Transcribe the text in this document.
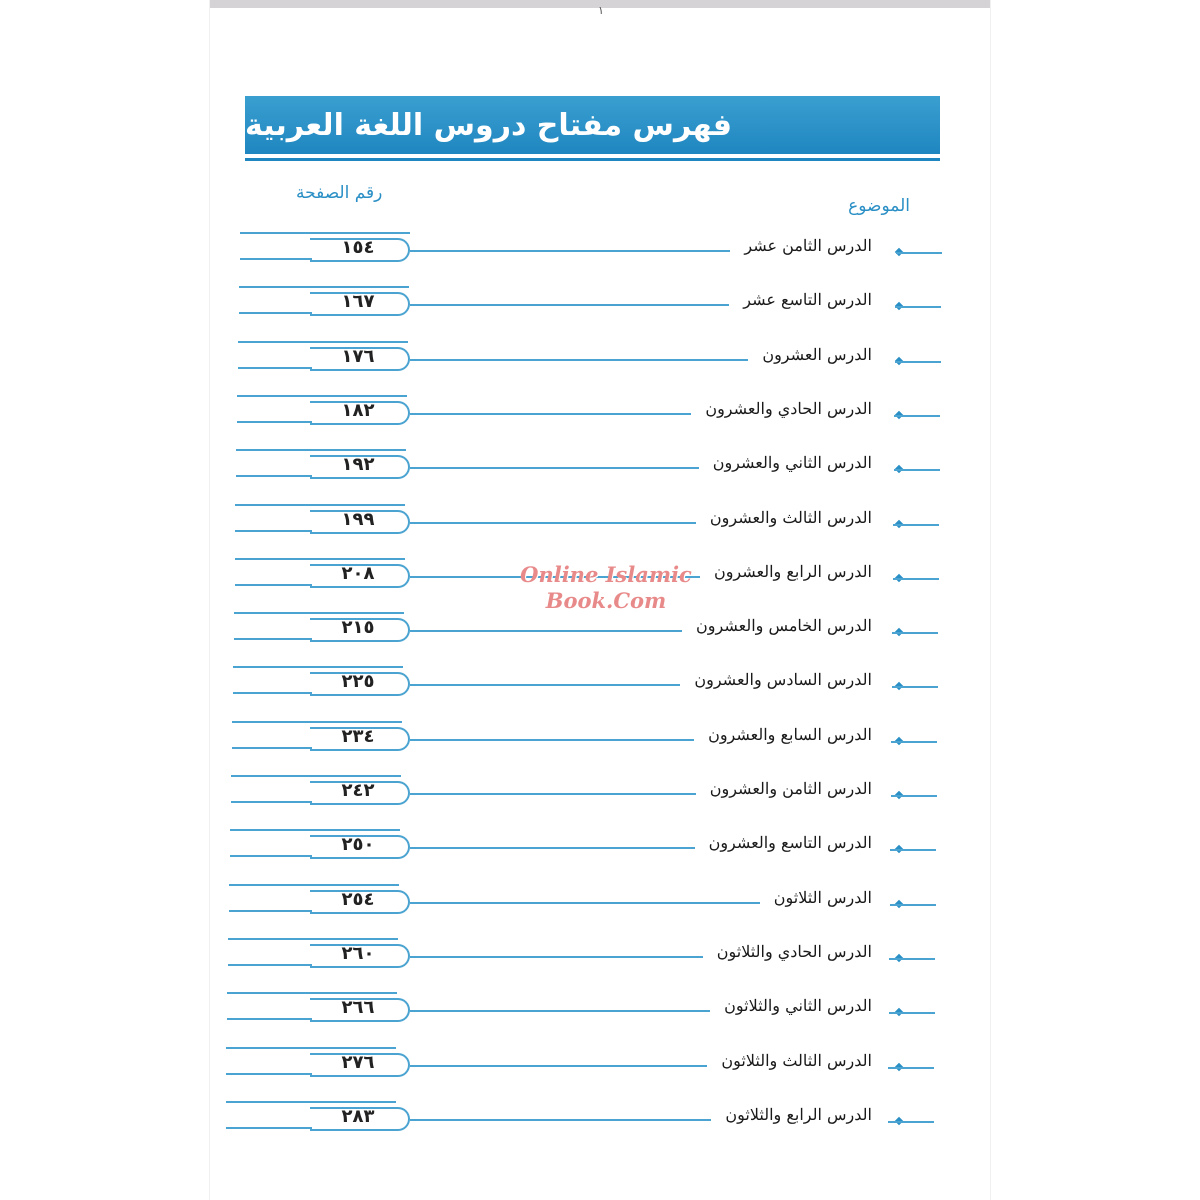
١
فهرس مفتاح دروس اللغة العربية
الموضوع
رقم الصفحة
١٥٤	الدرس الثامن عشر
١٦٧	الدرس التاسع عشر
١٧٦	الدرس العشرون
١٨٢	الدرس الحادي والعشرون
١٩٢	الدرس الثاني والعشرون
١٩٩	الدرس الثالث والعشرون
٢٠٨	الدرس الرابع والعشرون
٢١٥	الدرس الخامس والعشرون
٢٢٥	الدرس السادس والعشرون
٢٣٤	الدرس السابع والعشرون
٢٤٢	الدرس الثامن والعشرون
٢٥٠	الدرس التاسع والعشرون
٢٥٤	الدرس الثلاثون
٢٦٠	الدرس الحادي والثلاثون
٢٦٦	الدرس الثاني والثلاثون
٢٧٦	الدرس الثالث والثلاثون
٢٨٣	الدرس الرابع والثلاثون
Online Islamic
Book.Com
